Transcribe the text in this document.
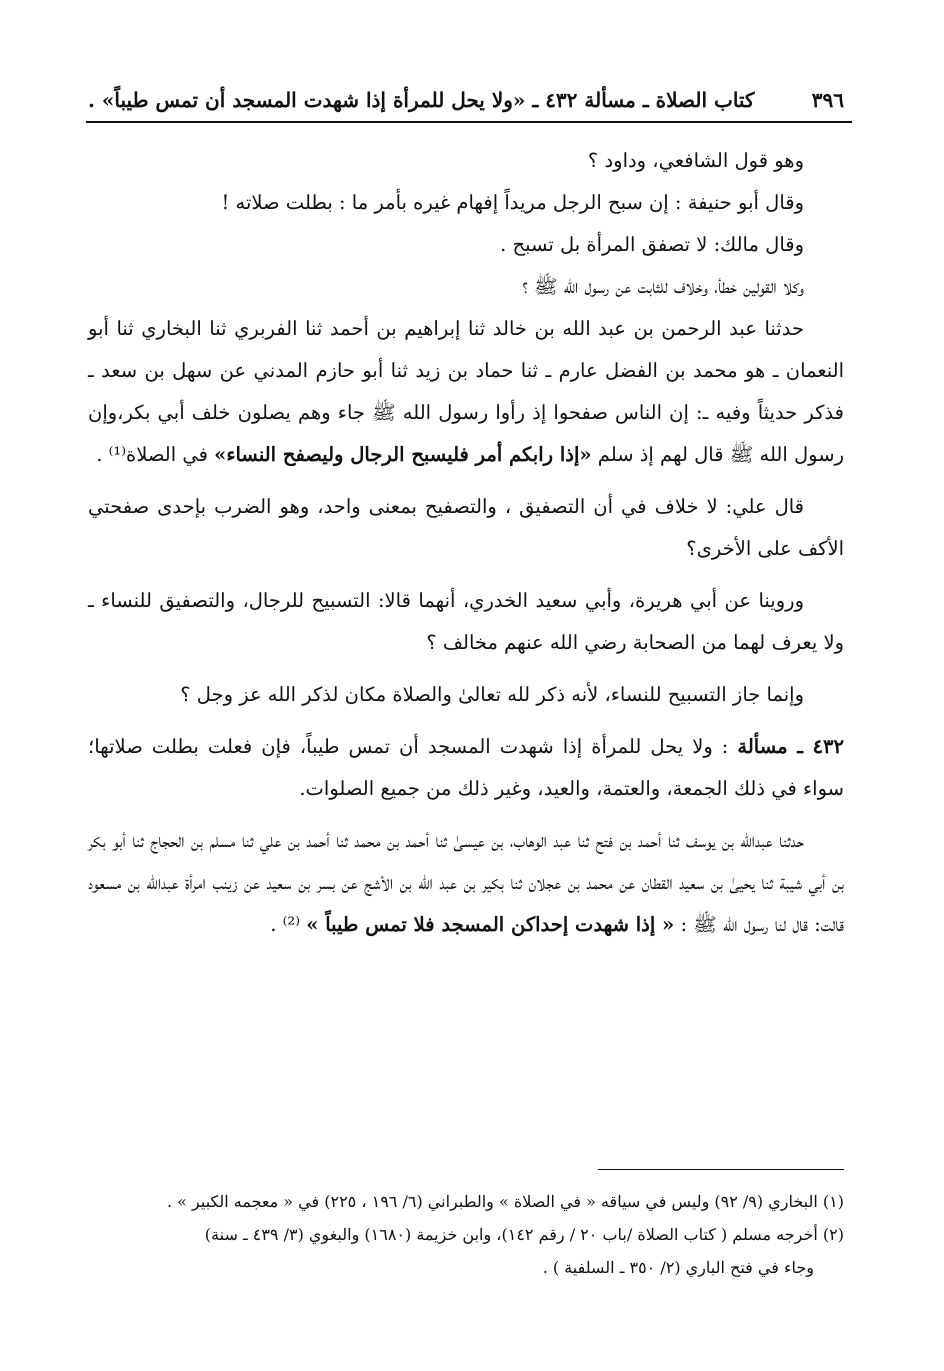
٣٩٦
كتاب الصلاة ـ مسألة ٤٣٢ ـ «ولا يحل للمرأة إذا شهدت المسجد أن تمس طيباً» .

وهو قول الشافعي، وداود ؟

وقال أبو حنيفة : إن سبح الرجل مريداً إفهام غيره بأمر ما : بطلت صلاته !

وقال مالك: لا تصفق المرأة بل تسبح .

وكلا القولين خطأ، وخلاف للثابت عن رسول الله ﷺ ؟

حدثنا عبد الرحمن بن عبد الله بن خالد ثنا إبراهيم بن أحمد ثنا الفربري ثنا البخاري ثنا أبو النعمان ـ هو محمد بن الفضل عارم ـ ثنا حماد بن زيد ثنا أبو حازم المدني عن سهل بن سعد ـ فذكر حديثاً وفيه ـ: إن الناس صفحوا إذ رأوا رسول الله ﷺ جاء وهم يصلون خلف أبي بكر،وإن رسول الله ﷺ قال لهم إذ سلم «إذا رابكم أمر فليسبح الرجال وليصفح النساء» في الصلاة⁽¹⁾ .

قال علي: لا خلاف في أن التصفيق ، والتصفيح بمعنى واحد، وهو الضرب بإحدى صفحتي الأكف على الأخرى؟

وروينا عن أبي هريرة، وأبي سعيد الخدري، أنهما قالا: التسبيح للرجال، والتصفيق للنساء ـ ولا يعرف لهما من الصحابة رضي الله عنهم مخالف ؟

وإنما جاز التسبيح للنساء، لأنه ذكر لله تعالىٰ والصلاة مكان لذكر الله عز وجل ؟

٤٣٢ ـ مسألة : ولا يحل للمرأة إذا شهدت المسجد أن تمس طيباً، فإن فعلت بطلت صلاتها؛ سواء في ذلك الجمعة، والعتمة، والعيد، وغير ذلك من جميع الصلوات.

حدثنا عبدالله بن يوسف ثنا أحمد بن فتح ثنا عبد الوهاب، بن عيسىٰ ثنا أحمد بن محمد ثنا أحمد بن علي ثنا مسلم بن الحجاج ثنا أبو بكر بن أبي شيبة ثنا يحيىٰ بن سعيد القطان عن محمد بن عجلان ثنا بكير بن عبد الله بن الأشج عن بسر بن سعيد عن زينب امرأة عبدالله بن مسعود قالت: قال لنا رسول الله ﷺ : « إذا شهدت إحداكن المسجد فلا تمس طيباً » ⁽²⁾ .

(١) البخاري (٩/ ٩٢) وليس في سياقه « في الصلاة » والطبراني (٦/ ١٩٦ ، ٢٢٥) في « معجمه الكبير » .

(٢) أخرجه مسلم ( كتاب الصلاة /باب ٢٠ / رقم ١٤٢)، وابن خزيمة (١٦٨٠) والبغوي (٣/ ٤٣٩ ـ سنة)

وجاء في فتح الباري (٢/ ٣٥٠ ـ السلفية ) .
